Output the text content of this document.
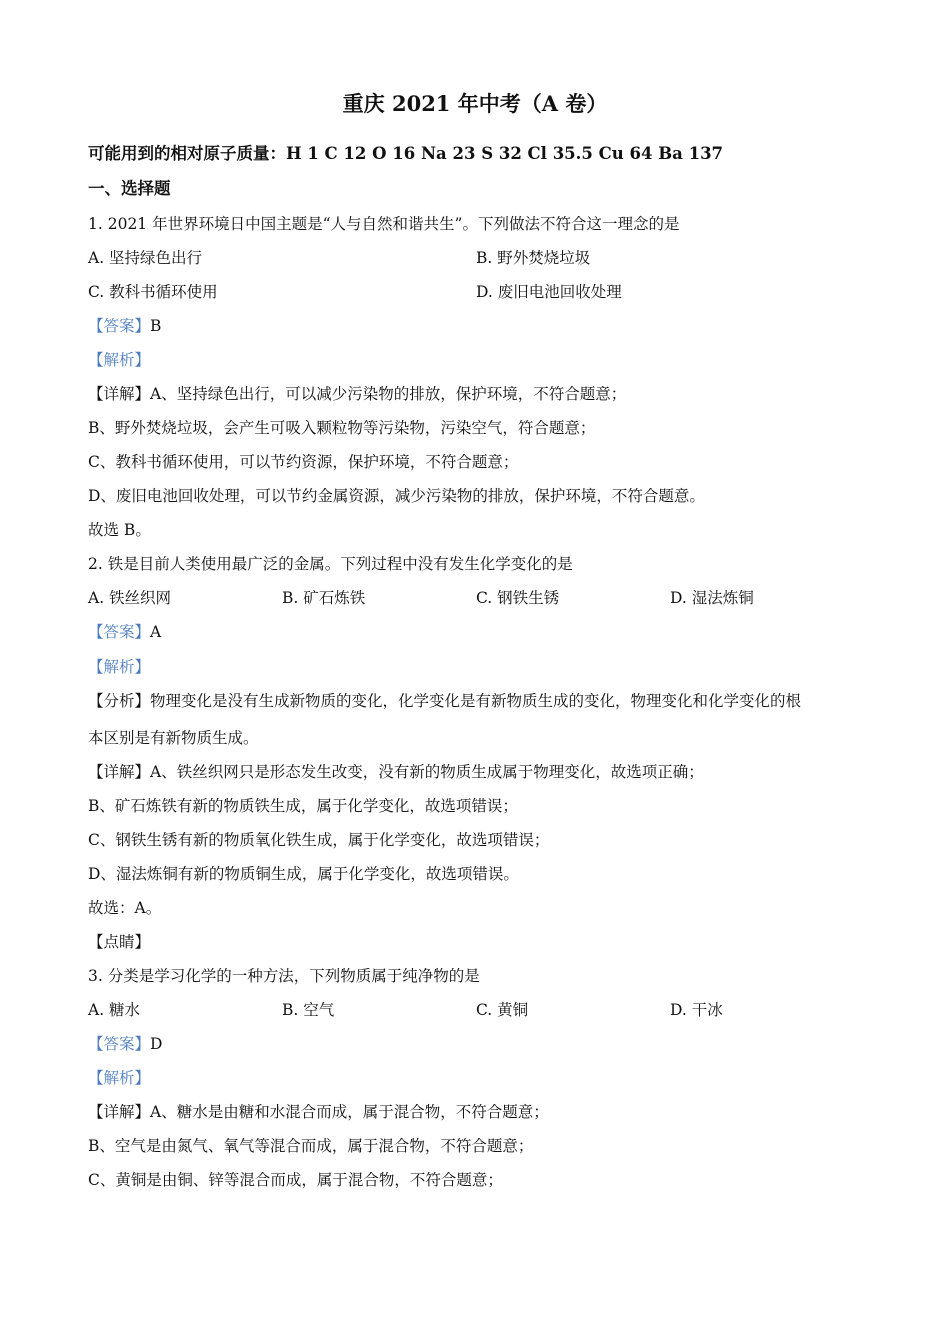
重庆 2021 年中考（A 卷）
可能用到的相对原子质量：H 1 C 12 O 16 Na 23 S 32 Cl 35.5 Cu 64 Ba 137
一、选择题
1. 2021 年世界环境日中国主题是“人与自然和谐共生”。下列做法不符合这一理念的是
A. 坚持绿色出行	B. 野外焚烧垃圾
C. 教科书循环使用	D. 废旧电池回收处理
【答案】B
【解析】
【详解】A、坚持绿色出行，可以减少污染物的排放，保护环境，不符合题意；
B、野外焚烧垃圾，会产生可吸入颗粒物等污染物，污染空气，符合题意；
C、教科书循环使用，可以节约资源，保护环境，不符合题意；
D、废旧电池回收处理，可以节约金属资源，减少污染物的排放，保护环境，不符合题意。
故选 B。
2. 铁是目前人类使用最广泛的金属。下列过程中没有发生化学变化的是
A. 铁丝织网	B. 矿石炼铁	C. 钢铁生锈	D. 湿法炼铜
【答案】A
【解析】
【分析】物理变化是没有生成新物质的变化，化学变化是有新物质生成的变化，物理变化和化学变化的根
本区别是有新物质生成。
【详解】A、铁丝织网只是形态发生改变，没有新的物质生成属于物理变化，故选项正确；
B、矿石炼铁有新的物质铁生成，属于化学变化，故选项错误；
C、钢铁生锈有新的物质氧化铁生成，属于化学变化，故选项错误；
D、湿法炼铜有新的物质铜生成，属于化学变化，故选项错误。
故选：A。
【点睛】
3. 分类是学习化学的一种方法，下列物质属于纯净物的是
A. 糖水	B. 空气	C. 黄铜	D. 干冰
【答案】D
【解析】
【详解】A、糖水是由糖和水混合而成，属于混合物，不符合题意；
B、空气是由氮气、氧气等混合而成，属于混合物，不符合题意；
C、黄铜是由铜、锌等混合而成，属于混合物，不符合题意；
